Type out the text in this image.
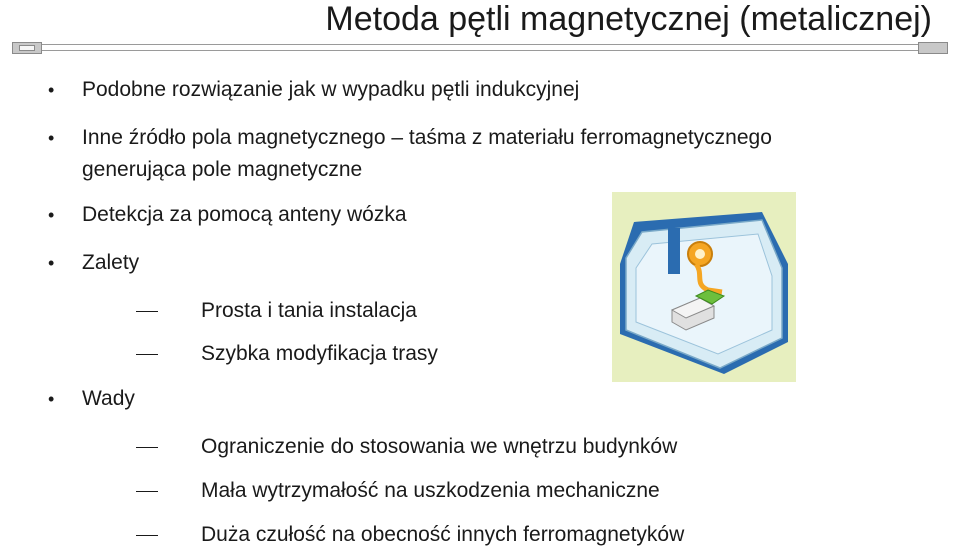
Metoda pętli magnetycznej (metalicznej)
• Podobne rozwiązanie jak w wypadku pętli indukcyjnej
• Inne źródło pola magnetycznego – taśma z materiału ferromagnetycznego
generująca pole magnetyczne
• Detekcja za pomocą anteny wózka
• Zalety
Prosta i tania instalacja
Szybka modyfikacja trasy
• Wady
Ograniczenie do stosowania we wnętrzu budynków
Mała wytrzymałość na uszkodzenia mechaniczne
Duża czułość na obecność innych ferromagnetyków
